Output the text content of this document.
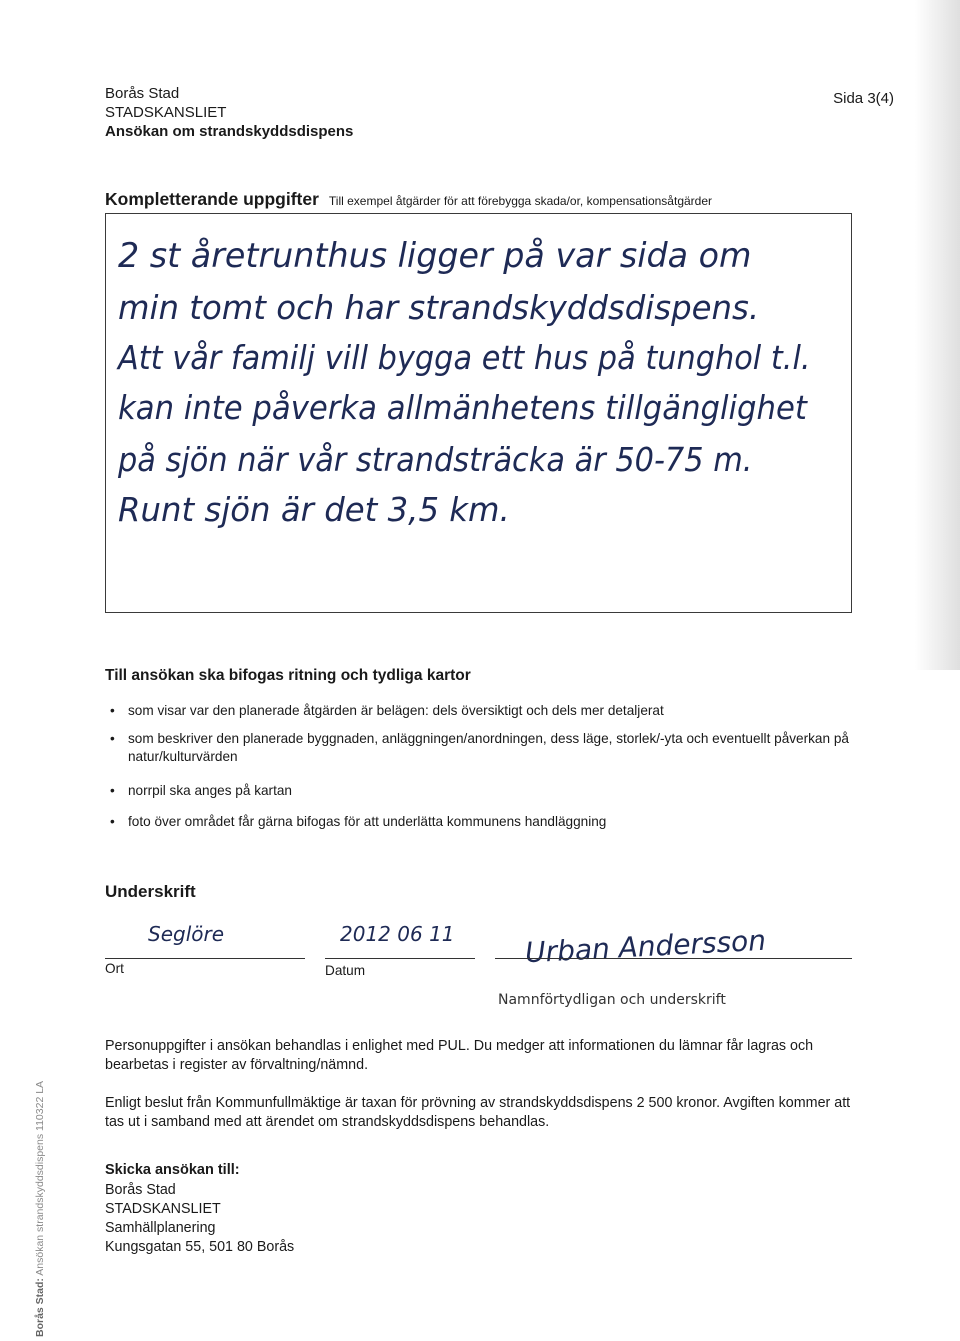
Borås Stad
STADSKANSLIET
Ansökan om strandskyddsdispens
Sida 3(4)
Kompletterande uppgifter Till exempel åtgärder för att förebygga skada/or, kompensationsåtgärder
2 st åretrunthus ligger på var sida om
min tomt och har strandskyddsdispens.
Att vår familj vill bygga ett hus på tunghol t.l.
kan inte påverka allmänhetens tillgänglighet
på sjön när vår strandsträcka är 50-75 m.
Runt sjön är det 3,5 km.
Till ansökan ska bifogas ritning och tydliga kartor
• som visar var den planerade åtgärden är belägen: dels översiktigt och dels mer detaljerat
• som beskriver den planerade byggnaden, anläggningen/anordningen, dess läge, storlek/-yta och eventuellt påverkan på natur/kulturvärden
• norrpil ska anges på kartan
• foto över området får gärna bifogas för att underlätta kommunens handläggning
Underskrift
Seglöre	2012 06 11 Urban Andersson
Ort	Datum
Namnförtydligan och underskrift
Personuppgifter i ansökan behandlas i enlighet med PUL. Du medger att informationen du lämnar får lagras och bearbetas i register av förvaltning/nämnd.
Enligt beslut från Kommunfullmäktige är taxan för prövning av strandskyddsdispens 2 500 kronor. Avgiften kommer att tas ut i samband med att ärendet om strandskyddsdispens behandlas.
Skicka ansökan till:
Borås Stad
STADSKANSLIET
Samhällplanering
Kungsgatan 55, 501 80 Borås
Borås Stad: Ansökan strandskyddsdispens 110322 LA
